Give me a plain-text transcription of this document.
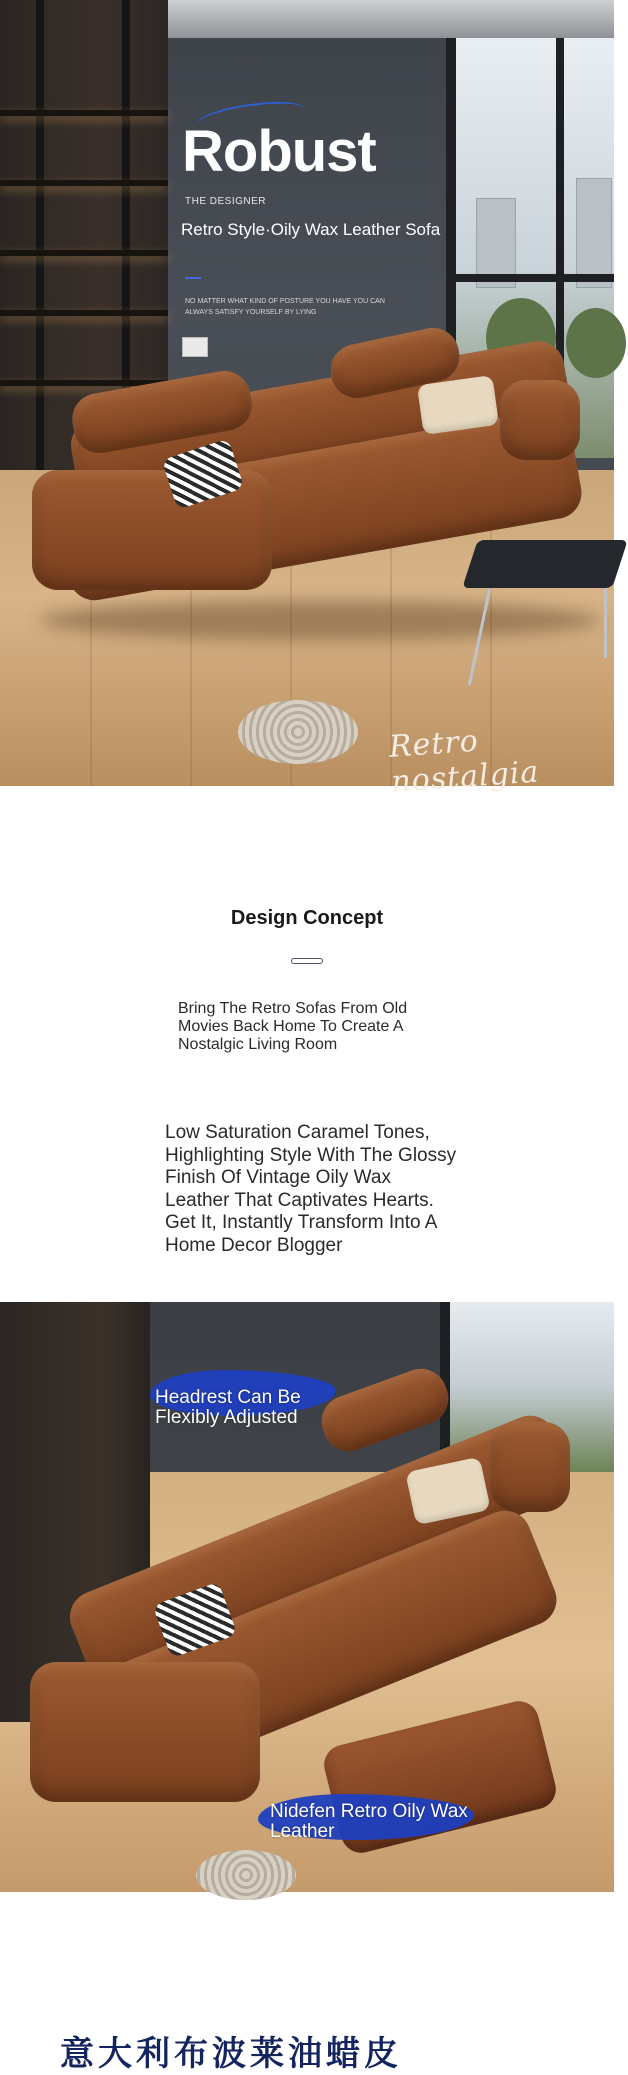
Robust
THE DESIGNER
Retro Style·Oily Wax Leather Sofa
NO MATTER WHAT KIND OF POSTURE YOU HAVE YOU CAN ALWAYS SATISFY YOURSELF BY LYING
Retro nostalgia
Design Concept

Bring The Retro Sofas From Old Movies Back Home To Create A Nostalgic Living Room

Low Saturation Caramel Tones, Highlighting Style With The Glossy Finish Of Vintage Oily Wax Leather That Captivates Hearts. Get It, Instantly Transform Into A Home Decor Blogger

Headrest Can Be Flexibly Adjusted
Nidefen Retro Oily Wax Leather
意大利布波莱油蜡皮
